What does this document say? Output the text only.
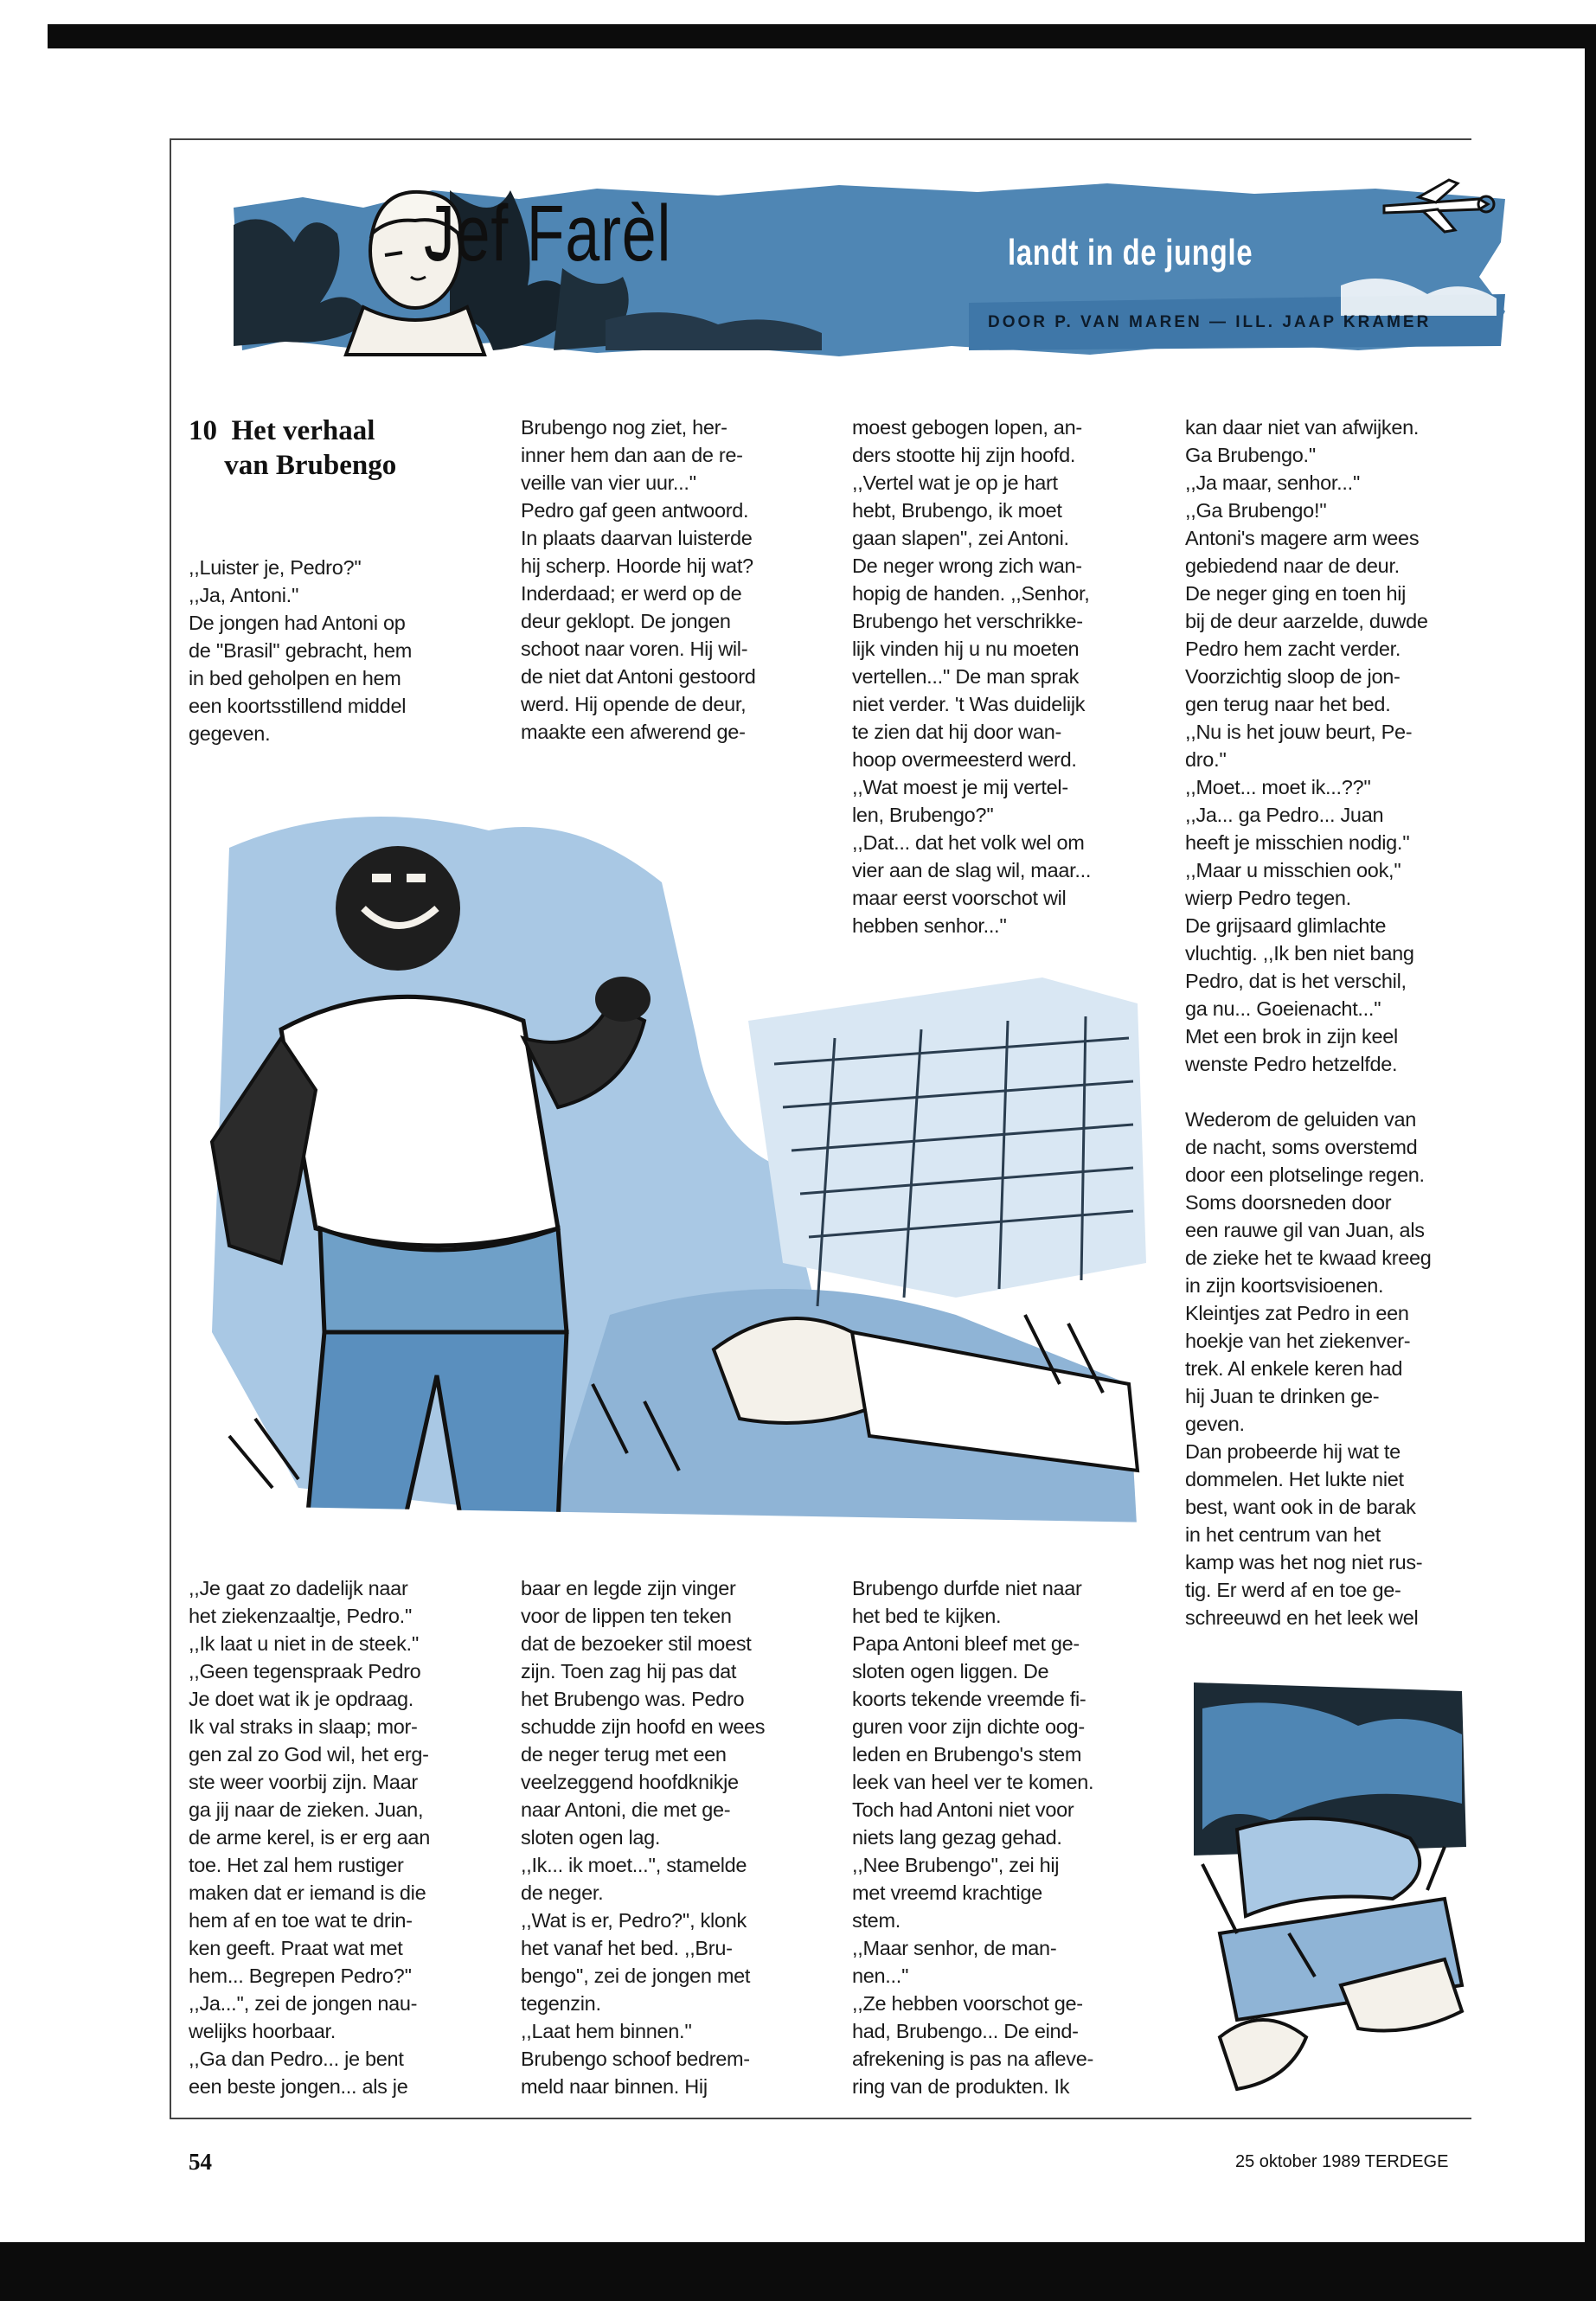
Jef Farèl	landt in de jungle
DOOR P. VAN MAREN — ILL. JAAP KRAMER
10  Het verhaal
van Brubengo
,,Luister je, Pedro?''
,,Ja, Antoni.''
De jongen had Antoni op
de ''Brasil'' gebracht, hem
in bed geholpen en hem
een koortsstillend middel
gegeven.
Brubengo nog ziet, her-
inner hem dan aan de re-
veille van vier uur...''
Pedro gaf geen antwoord.
In plaats daarvan luisterde
hij scherp. Hoorde hij wat?
Inderdaad; er werd op de
deur geklopt. De jongen
schoot naar voren. Hij wil-
de niet dat Antoni gestoord
werd. Hij opende de deur,
maakte een afwerend ge-
moest gebogen lopen, an-
ders stootte hij zijn hoofd.
,,Vertel wat je op je hart
hebt, Brubengo, ik moet
gaan slapen'', zei Antoni.
De neger wrong zich wan-
hopig de handen. ,,Senhor,
Brubengo het verschrikke-
lijk vinden hij u nu moeten
vertellen...'' De man sprak
niet verder. 't Was duidelijk
te zien dat hij door wan-
hoop overmeesterd werd.
,,Wat moest je mij vertel-
len, Brubengo?''
,,Dat... dat het volk wel om
vier aan de slag wil, maar...
maar eerst voorschot wil
hebben senhor...''
kan daar niet van afwijken.
Ga Brubengo.''
,,Ja maar, senhor...''
,,Ga Brubengo!''
Antoni's magere arm wees
gebiedend naar de deur.
De neger ging en toen hij
bij de deur aarzelde, duwde
Pedro hem zacht verder.
Voorzichtig sloop de jon-
gen terug naar het bed.
,,Nu is het jouw beurt, Pe-
dro.''
,,Moet... moet ik...??''
,,Ja... ga Pedro... Juan
heeft je misschien nodig.''
,,Maar u misschien ook,''
wierp Pedro tegen.
De grijsaard glimlachte
vluchtig. ,,Ik ben niet bang
Pedro, dat is het verschil,
ga nu... Goeienacht...''
Met een brok in zijn keel
wenste Pedro hetzelfde.
Wederom de geluiden van
de nacht, soms overstemd
door een plotselinge regen.
Soms doorsneden door
een rauwe gil van Juan, als
de zieke het te kwaad kreeg
in zijn koortsvisioenen.
Kleintjes zat Pedro in een
hoekje van het ziekenver-
trek. Al enkele keren had
hij Juan te drinken ge-
geven.
Dan probeerde hij wat te
dommelen. Het lukte niet
best, want ook in de barak
in het centrum van het
kamp was het nog niet rus-
tig. Er werd af en toe ge-
schreeuwd en het leek wel
,,Je gaat zo dadelijk naar
het ziekenzaaltje, Pedro.''
,,Ik laat u niet in de steek.''
,,Geen tegenspraak Pedro
Je doet wat ik je opdraag.
Ik val straks in slaap; mor-
gen zal zo God wil, het erg-
ste weer voorbij zijn. Maar
ga jij naar de zieken. Juan,
de arme kerel, is er erg aan
toe. Het zal hem rustiger
maken dat er iemand is die
hem af en toe wat te drin-
ken geeft. Praat wat met
hem... Begrepen Pedro?''
,,Ja...'', zei de jongen nau-
welijks hoorbaar.
,,Ga dan Pedro... je bent
een beste jongen... als je
baar en legde zijn vinger
voor de lippen ten teken
dat de bezoeker stil moest
zijn. Toen zag hij pas dat
het Brubengo was. Pedro
schudde zijn hoofd en wees
de neger terug met een
veelzeggend hoofdknikje
naar Antoni, die met ge-
sloten ogen lag.
,,Ik... ik moet...'', stamelde
de neger.
,,Wat is er, Pedro?'', klonk
het vanaf het bed. ,,Bru-
bengo'', zei de jongen met
tegenzin.
,,Laat hem binnen.''
Brubengo schoof bedrem-
meld naar binnen. Hij
Brubengo durfde niet naar
het bed te kijken.
Papa Antoni bleef met ge-
sloten ogen liggen. De
koorts tekende vreemde fi-
guren voor zijn dichte oog-
leden en Brubengo's stem
leek van heel ver te komen.
Toch had Antoni niet voor
niets lang gezag gehad.
,,Nee Brubengo'', zei hij
met vreemd krachtige
stem.
,,Maar senhor, de man-
nen...''
,,Ze hebben voorschot ge-
had, Brubengo... De eind-
afrekening is pas na afleve-
ring van de produkten. Ik
54	25 oktober 1989 TERDEGE
